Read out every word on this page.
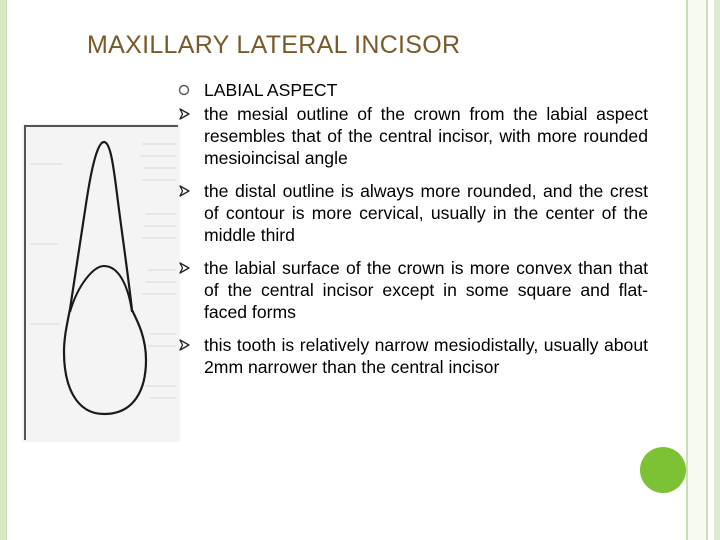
MAXILLARY LATERAL INCISOR
LABIAL ASPECT
the mesial outline of the crown from the labial aspect resembles that of the central incisor, with more rounded mesioincisal angle
the distal outline is always more rounded, and the crest of contour is more cervical, usually in the center of the middle third
the labial surface of the crown is more convex than that of the central incisor except in some square and flat-faced forms
this tooth is relatively narrow mesiodistally, usually about 2mm narrower than the central incisor
